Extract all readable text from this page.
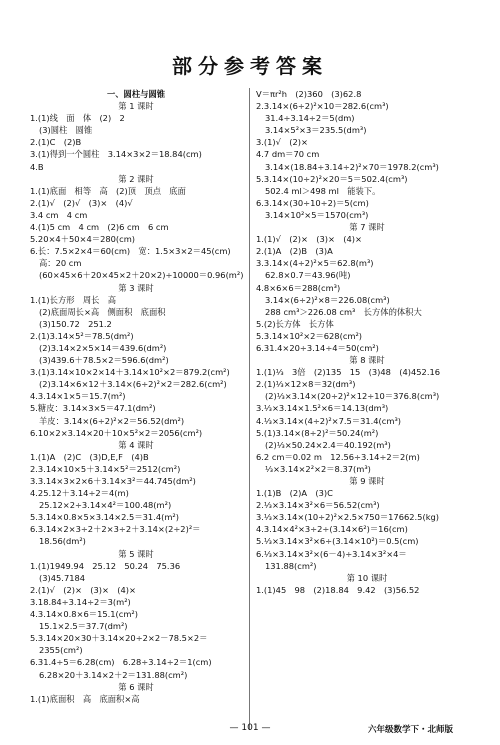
部分参考答案
一、圆柱与圆锥
第 1 课时
1.(1)线　面　体　(2)　2
(3)圆柱　圆锥
2.(1)C　(2)B
3.(1)得到一个圆柱　3.14×3×2＝18.84(cm)
4.B
第 2 课时
1.(1)底面　相等　高　(2)顶　顶点　底面
2.(1)√　(2)√　(3)×　(4)√
3.4 cm　4 cm
4.(1)5 cm　4 cm　(2)6 cm　6 cm
5.20×4＋50×4＝280(cm)
6.长：7.5×2×4＝60(cm)　宽：1.5×3×2＝45(cm)
高：20 cm
(60×45×6＋20×45×2＋20×2)÷10000＝0.96(m²)
第 3 课时
1.(1)长方形　周长　高
(2)底面周长×高　侧面积　底面积
(3)150.72　251.2
2.(1)3.14×5²＝78.5(dm²)
(2)3.14×2×5×14＝439.6(dm²)
(3)439.6＋78.5×2＝596.6(dm²)
3.(1)3.14×10×2×14＋3.14×10²×2＝879.2(cm²)
(2)3.14×6×12＋3.14×(6÷2)²×2＝282.6(cm²)
4.3.14×1×5＝15.7(m²)
5.糖皮：3.14×3×5＝47.1(dm²)
羊皮：3.14×(6÷2)²×2＝56.52(dm²)
6.10×2×3.14×20＋10×5²×2＝2056(cm²)
第 4 课时
1.(1)A　(2)C　(3)D,E,F　(4)B
2.3.14×10×5＋3.14×5²＝2512(cm²)
3.3.14×3×2×6＋3.14×3²＝44.745(dm²)
4.25.12＋3.14÷2＝4(m)
25.12×2÷3.14×4²＝100.48(m²)
5.3.14×0.8×5×3.14×2.5＝31.4(m²)
6.3.14×2×3÷2＋2×3÷2＋3.14×(2÷2)²＝
18.56(dm²)
第 5 课时
1.(1)1949.94　25.12　50.24　75.36
(3)45.7184
2.(1)√　(2)×　(3)×　(4)×
3.18.84÷3.14÷2＝3(m²)
4.3.14×0.8×6＝15.1(cm²)
15.1×2.5＝37.7(dm²)
5.3.14×20×30＋3.14×20÷2×2－78.5×2＝
2355(cm²)
6.31.4÷5＝6.28(cm)　6.28÷3.14÷2＝1(cm)
6.28×20＋3.14×2＋2＝131.88(cm²)
第 6 课时
1.(1)底面积　高　底面积×高
V＝πr²h　(2)360　(3)62.8
2.3.14×(6÷2)²×10＝282.6(cm³)
31.4÷3.14÷2＝5(dm)
3.14×5²×3＝235.5(dm³)
3.(1)√　(2)×
4.7 dm＝70 cm
3.14×(18.84÷3.14÷2)²×70＝1978.2(cm³)
5.3.14×(10÷2)²×20＝5＝502.4(cm³)
502.4 ml＞498 ml　能装下。
6.3.14×(30÷10÷2)＝5(cm)
3.14×10²×5＝1570(cm³)
第 7 课时
1.(1)√　(2)×　(3)×　(4)×
2.(1)A　(2)B　(3)A
3.3.14×(4÷2)²×5＝62.8(m³)
62.8×0.7＝43.96(吨)
4.8×6×6＝288(cm³)
3.14×(6÷2)²×8＝226.08(cm³)
288 cm³＞226.08 cm³　长方体的体积大
5.(2)长方体　长方体
5.3.14×10²×2＝628(cm²)
6.31.4×20÷3.14÷4＝50(cm²)
第 8 课时
1.(1)⅓　3倍　(2)135　15　(3)48　(4)452.16
2.(1)⅓×12×8＝32(dm³)
(2)⅓×3.14×(20÷2)²×12÷10＝376.8(cm³)
3.⅓×3.14×1.5²×6＝14.13(dm³)
4.⅓×3.14×(4÷2)²×7.5＝31.4(cm³)
5.(1)3.14×(8÷2)²＝50.24(m²)
(2)⅓×50.24×2.4＝40.192(m³)
6.2 cm＝0.02 m　12.56÷3.14÷2＝2(m)
⅓×3.14×2²×2＝8.37(m³)
第 9 课时
1.(1)B　(2)A　(3)C
2.⅓×3.14×3²×6＝56.52(cm³)
3.⅓×3.14×(10÷2)²×2.5×750＝17662.5(kg)
4.3.14×4²×3÷2÷(3.14×6²)＝16(cm)
5.⅓×3.14×3²×6÷(3.14×10²)＝0.5(cm)
6.⅓×3.14×3²×(6－4)÷3.14×3²×4＝
131.88(cm²)
第 10 课时
1.(1)45　98　(2)18.84　9.42　(3)56.52
— 101 —	六年级数学下・北师版
